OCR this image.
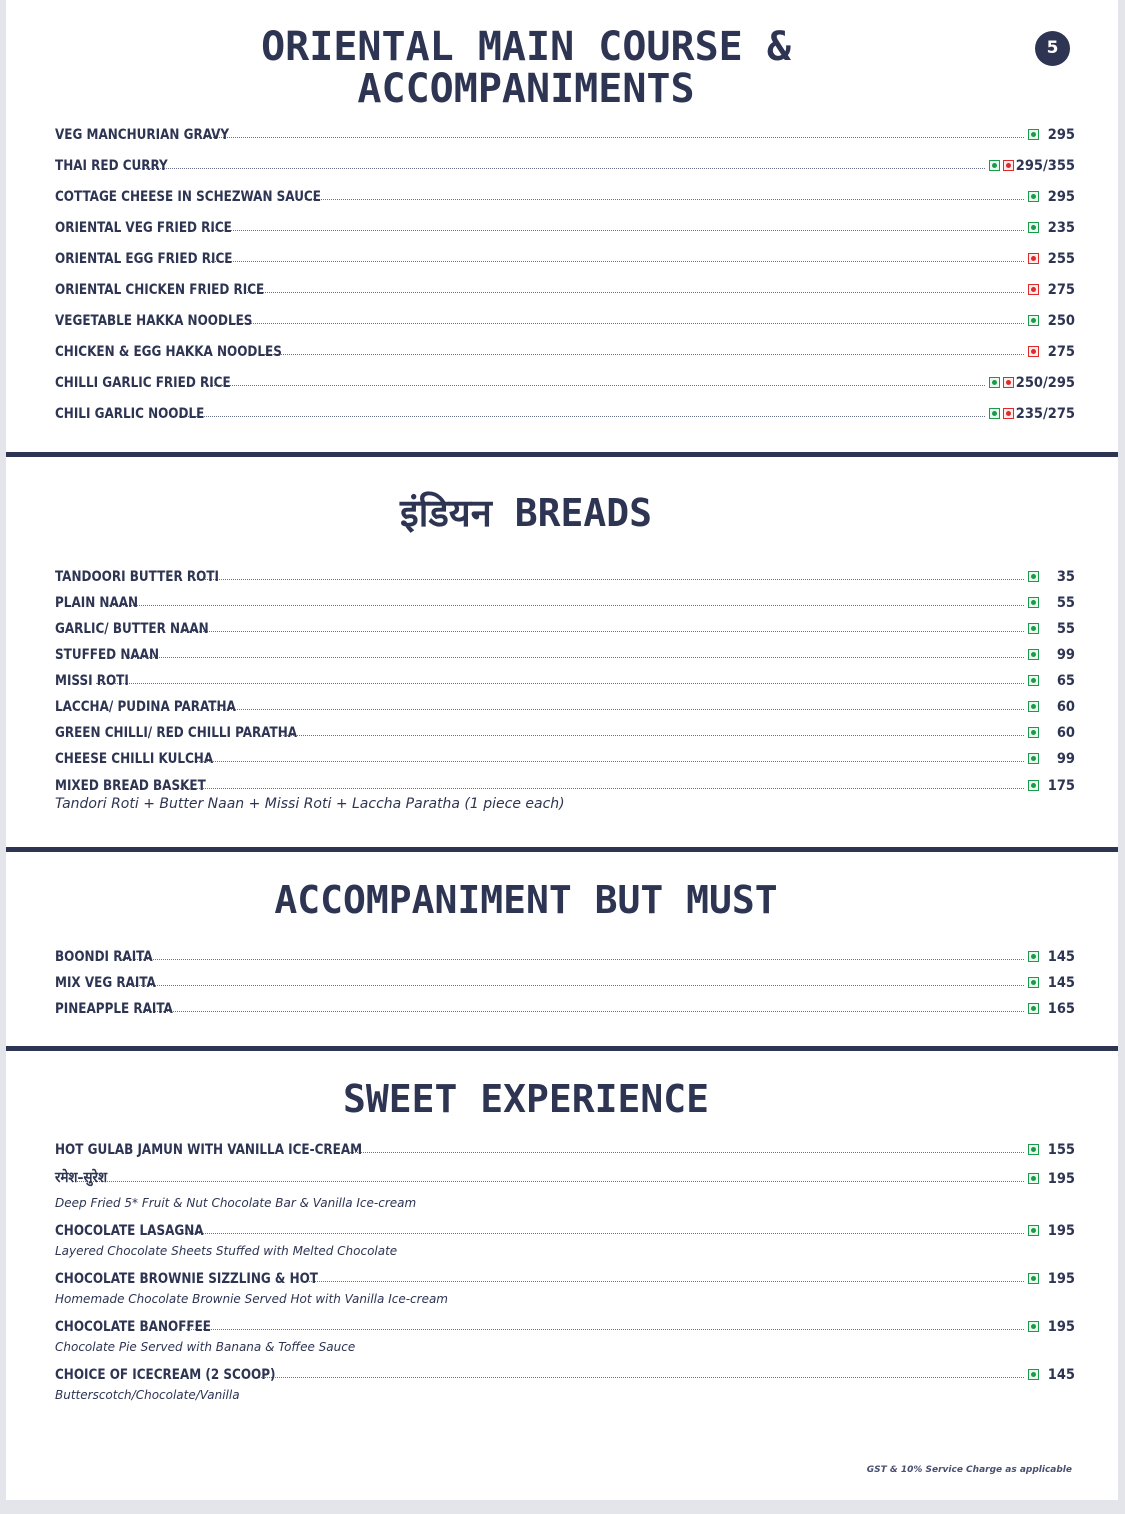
5
ORIENTAL MAIN COURSE &
ACCOMPANIMENTS
VEG MANCHURIAN GRAVY	295
THAI RED CURRY	295/355
COTTAGE CHEESE IN SCHEZWAN SAUCE	295
ORIENTAL VEG FRIED RICE	235
ORIENTAL EGG FRIED RICE	255
ORIENTAL CHICKEN FRIED RICE	275
VEGETABLE HAKKA NOODLES	250
CHICKEN & EGG HAKKA NOODLES	275
CHILLI GARLIC FRIED RICE	250/295
CHILI GARLIC NOODLE	235/275
इंडियन BREADS
TANDOORI BUTTER ROTI	35
PLAIN NAAN	55
GARLIC/ BUTTER NAAN	55
STUFFED NAAN	99
MISSI ROTI	65
LACCHA/ PUDINA PARATHA	60
GREEN CHILLI/ RED CHILLI PARATHA	60
CHEESE CHILLI KULCHA	99
MIXED BREAD BASKET	175
Tandori Roti + Butter Naan + Missi Roti + Laccha Paratha (1 piece each)
ACCOMPANIMENT BUT MUST
BOONDI RAITA	145
MIX VEG RAITA	145
PINEAPPLE RAITA	165
SWEET EXPERIENCE
HOT GULAB JAMUN WITH VANILLA ICE-CREAM	155
रमेश–सुरेश	195
Deep Fried 5* Fruit & Nut Chocolate Bar & Vanilla Ice-cream
CHOCOLATE LASAGNA	195
Layered Chocolate Sheets Stuffed with Melted Chocolate
CHOCOLATE BROWNIE SIZZLING & HOT	195
Homemade Chocolate Brownie Served Hot with Vanilla Ice-cream
CHOCOLATE BANOFFEE	195
Chocolate Pie Served with Banana & Toffee Sauce
CHOICE OF ICECREAM (2 SCOOP)	145
Butterscotch/Chocolate/Vanilla
GST & 10% Service Charge as applicable
